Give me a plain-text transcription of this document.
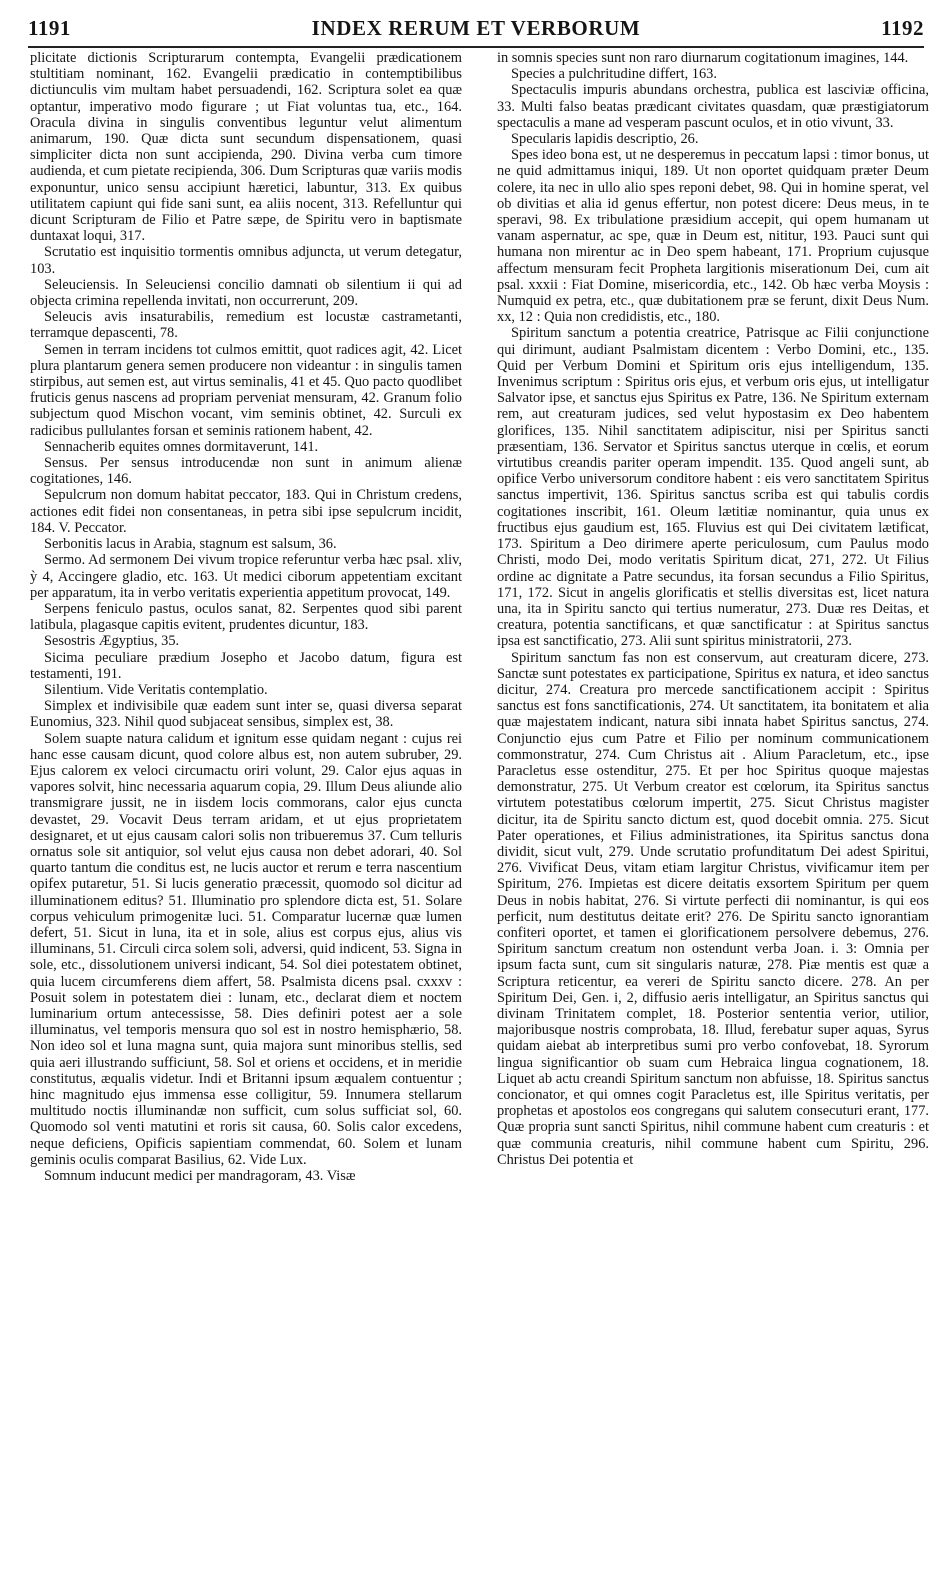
1191	INDEX RERUM ET VERBORUM	1192

plicitate dictionis Scripturarum contempta, Evangelii prædicationem stultitiam nominant, 162. Evangelii prædicatio in contemptibilibus dictiunculis vim multam habet persuadendi, 162. Scriptura solet ea quæ optantur, imperativo modo figurare ; ut Fiat voluntas tua, etc., 164. Oracula divina in singulis conventibus leguntur velut alimentum animarum, 190. Quæ dicta sunt secundum dispensationem, quasi simpliciter dicta non sunt accipienda, 290. Divina verba cum timore audienda, et cum pietate recipienda, 306. Dum Scripturas quæ variis modis exponuntur, unico sensu accipiunt hæretici, labuntur, 313. Ex quibus utilitatem capiunt qui fide sani sunt, ea aliis nocent, 313. Refelluntur qui dicunt Scripturam de Filio et Patre sæpe, de Spiritu vero in baptismate duntaxat loqui, 317.

Scrutatio est inquisitio tormentis omnibus adjuncta, ut verum detegatur, 103.

Seleuciensis. In Seleuciensi concilio damnati ob silentium ii qui ad objecta crimina repellenda invitati, non occurrerunt, 209.

Seleucis avis insaturabilis, remedium est locustæ castrametanti, terramque depascenti, 78.

Semen in terram incidens tot culmos emittit, quot radices agit, 42. Licet plura plantarum genera semen producere non videantur : in singulis tamen stirpibus, aut semen est, aut virtus seminalis, 41 et 45. Quo pacto quodlibet fruticis genus nascens ad propriam perveniat mensuram, 42. Granum folio subjectum quod Mischon vocant, vim seminis obtinet, 42. Surculi ex radicibus pullulantes forsan et seminis rationem habent, 42.

Sennacherib equites omnes dormitaverunt, 141.

Sensus. Per sensus introducendæ non sunt in animum alienæ cogitationes, 146.

Sepulcrum non domum habitat peccator, 183. Qui in Christum credens, actiones edit fidei non consentaneas, in petra sibi ipse sepulcrum incidit, 184. V. Peccator.

Serbonitis lacus in Arabia, stagnum est salsum, 36.

Sermo. Ad sermonem Dei vivum tropice referuntur verba hæc psal. xliv, ỳ 4, Accingere gladio, etc. 163. Ut medici ciborum appetentiam excitant per apparatum, ita in verbo veritatis experientia appetitum provocat, 149.

Serpens feniculo pastus, oculos sanat, 82. Serpentes quod sibi parent latibula, plagasque capitis evitent, prudentes dicuntur, 183.

Sesostris Ægyptius, 35.

Sicima peculiare prædium Josepho et Jacobo datum, figura est testamenti, 191.

Silentium. Vide Veritatis contemplatio.

Simplex et indivisibile quæ eadem sunt inter se, quasi diversa separat Eunomius, 323. Nihil quod subjaceat sensibus, simplex est, 38.

Solem suapte natura calidum et ignitum esse quidam negant : cujus rei hanc esse causam dicunt, quod colore albus est, non autem subruber, 29. Ejus calorem ex veloci circumactu oriri volunt, 29. Calor ejus aquas in vapores solvit, hinc necessaria aquarum copia, 29. Illum Deus aliunde alio transmigrare jussit, ne in iisdem locis commorans, calor ejus cuncta devastet, 29. Vocavit Deus terram aridam, et ut ejus proprietatem designaret, et ut ejus causam calori solis non tribueremus 37. Cum telluris ornatus sole sit antiquior, sol velut ejus causa non debet adorari, 40. Sol quarto tantum die conditus est, ne lucis auctor et rerum e terra nascentium opifex putaretur, 51. Si lucis generatio præcessit, quomodo sol dicitur ad illuminationem editus? 51. Illuminatio pro splendore dicta est, 51. Solare corpus vehiculum primogenitæ luci. 51. Comparatur lucernæ quæ lumen defert, 51. Sicut in luna, ita et in sole, alius est corpus ejus, alius vis illuminans, 51. Circuli circa solem soli, adversi, quid indicent, 53. Signa in sole, etc., dissolutionem universi indicant, 54. Sol diei potestatem obtinet, quia lucem circumferens diem affert, 58. Psalmista dicens psal. cxxxv : Posuit solem in potestatem diei : lunam, etc., declarat diem et noctem luminarium ortum antecessisse, 58. Dies definiri potest aer a sole illuminatus, vel temporis mensura quo sol est in nostro hemisphærio, 58. Non ideo sol et luna magna sunt, quia majora sunt minoribus stellis, sed quia aeri illustrando sufficiunt, 58. Sol et oriens et occidens, et in meridie constitutus, æqualis videtur. Indi et Britanni ipsum æqualem contuentur ; hinc magnitudo ejus immensa esse colligitur, 59. Innumera stellarum multitudo noctis illuminandæ non sufficit, cum solus sufficiat sol, 60. Quomodo sol venti matutini et roris sit causa, 60. Solis calor excedens, neque deficiens, Opificis sapientiam commendat, 60. Solem et lunam geminis oculis comparat Basilius, 62. Vide Lux.

Somnum inducunt medici per mandragoram, 43. Visæ

in somnis species sunt non raro diurnarum cogitationum imagines, 144.

Species a pulchritudine differt, 163.

Spectaculis impuris abundans orchestra, publica est lasciviæ officina, 33. Multi falso beatas prædicant civitates quasdam, quæ præstigiatorum spectaculis a mane ad vesperam pascunt oculos, et in otio vivunt, 33.

Specularis lapidis descriptio, 26.

Spes ideo bona est, ut ne desperemus in peccatum lapsi : timor bonus, ut ne quid admittamus iniqui, 189. Ut non oportet quidquam præter Deum colere, ita nec in ullo alio spes reponi debet, 98. Qui in homine sperat, vel ob divitias et alia id genus effertur, non potest dicere: Deus meus, in te speravi, 98. Ex tribulatione præsidium accepit, qui opem humanam ut vanam aspernatur, ac spe, quæ in Deum est, nititur, 193. Pauci sunt qui humana non mirentur ac in Deo spem habeant, 171. Proprium cujusque affectum mensuram fecit Propheta largitionis miserationum Dei, cum ait psal. xxxii : Fiat Domine, misericordia, etc., 142. Ob hæc verba Moysis : Numquid ex petra, etc., quæ dubitationem præ se ferunt, dixit Deus Num. xx, 12 : Quia non credidistis, etc., 180.

Spiritum sanctum a potentia creatrice, Patrisque ac Filii conjunctione qui dirimunt, audiant Psalmistam dicentem : Verbo Domini, etc., 135. Quid per Verbum Domini et Spiritum oris ejus intelligendum, 135. Invenimus scriptum : Spiritus oris ejus, et verbum oris ejus, ut intelligatur Salvator ipse, et sanctus ejus Spiritus ex Patre, 136. Ne Spiritum externam rem, aut creaturam judices, sed velut hypostasim ex Deo habentem glorifices, 135. Nihil sanctitatem adipiscitur, nisi per Spiritus sancti præsentiam, 136. Servator et Spiritus sanctus uterque in cœlis, et eorum virtutibus creandis pariter operam impendit. 135. Quod angeli sunt, ab opifice Verbo universorum conditore habent : eis vero sanctitatem Spiritus sanctus impertivit, 136. Spiritus sanctus scriba est qui tabulis cordis cogitationes inscribit, 161. Oleum lætitiæ nominantur, quia unus ex fructibus ejus gaudium est, 165. Fluvius est qui Dei civitatem lætificat, 173. Spiritum a Deo dirimere aperte periculosum, cum Paulus modo Christi, modo Dei, modo veritatis Spiritum dicat, 271, 272. Ut Filius ordine ac dignitate a Patre secundus, ita forsan secundus a Filio Spiritus, 171, 172. Sicut in angelis glorificatis et stellis diversitas est, licet natura una, ita in Spiritu sancto qui tertius numeratur, 273. Duæ res Deitas, et creatura, potentia sanctificans, et quæ sanctificatur : at Spiritus sanctus ipsa est sanctificatio, 273. Alii sunt spiritus ministratorii, 273.

Spiritum sanctum fas non est conservum, aut creaturam dicere, 273. Sanctæ sunt potestates ex participatione, Spiritus ex natura, et ideo sanctus dicitur, 274. Creatura pro mercede sanctificationem accipit : Spiritus sanctus est fons sanctificationis, 274. Ut sanctitatem, ita bonitatem et alia quæ majestatem indicant, natura sibi innata habet Spiritus sanctus, 274. Conjunctio ejus cum Patre et Filio per nominum communicationem commonstratur, 274. Cum Christus ait . Alium Paracletum, etc., ipse Paracletus esse ostenditur, 275. Et per hoc Spiritus quoque majestas demonstratur, 275. Ut Verbum creator est cœlorum, ita Spiritus sanctus virtutem potestatibus cœlorum impertit, 275. Sicut Christus magister dicitur, ita de Spiritu sancto dictum est, quod docebit omnia. 275. Sicut Pater operationes, et Filius administrationes, ita Spiritus sanctus dona dividit, sicut vult, 279. Unde scrutatio profunditatum Dei adest Spiritui, 276. Vivificat Deus, vitam etiam largitur Christus, vivificamur item per Spiritum, 276. Impietas est dicere deitatis exsortem Spiritum per quem Deus in nobis habitat, 276. Si virtute perfecti dii nominantur, is qui eos perficit, num destitutus deitate erit? 276. De Spiritu sancto ignorantiam confiteri oportet, et tamen ei glorificationem persolvere debemus, 276. Spiritum sanctum creatum non ostendunt verba Joan. i. 3: Omnia per ipsum facta sunt, cum sit singularis naturæ, 278. Piæ mentis est quæ a Scriptura reticentur, ea vereri de Spiritu sancto dicere. 278. An per Spiritum Dei, Gen. i, 2, diffusio aeris intelligatur, an Spiritus sanctus qui divinam Trinitatem complet, 18. Posterior sententia verior, utilior, majoribusque nostris comprobata, 18. Illud, ferebatur super aquas, Syrus quidam aiebat ab interpretibus sumi pro verbo confovebat, 18. Syrorum lingua significantior ob suam cum Hebraica lingua cognationem, 18. Liquet ab actu creandi Spiritum sanctum non abfuisse, 18. Spiritus sanctus concionator, et qui omnes cogit Paracletus est, ille Spiritus veritatis, per prophetas et apostolos eos congregans qui salutem consecuturi erant, 177. Quæ propria sunt sancti Spiritus, nihil commune habent cum creaturis : et quæ communia creaturis, nihil commune habent cum Spiritu, 296. Christus Dei potentia et
